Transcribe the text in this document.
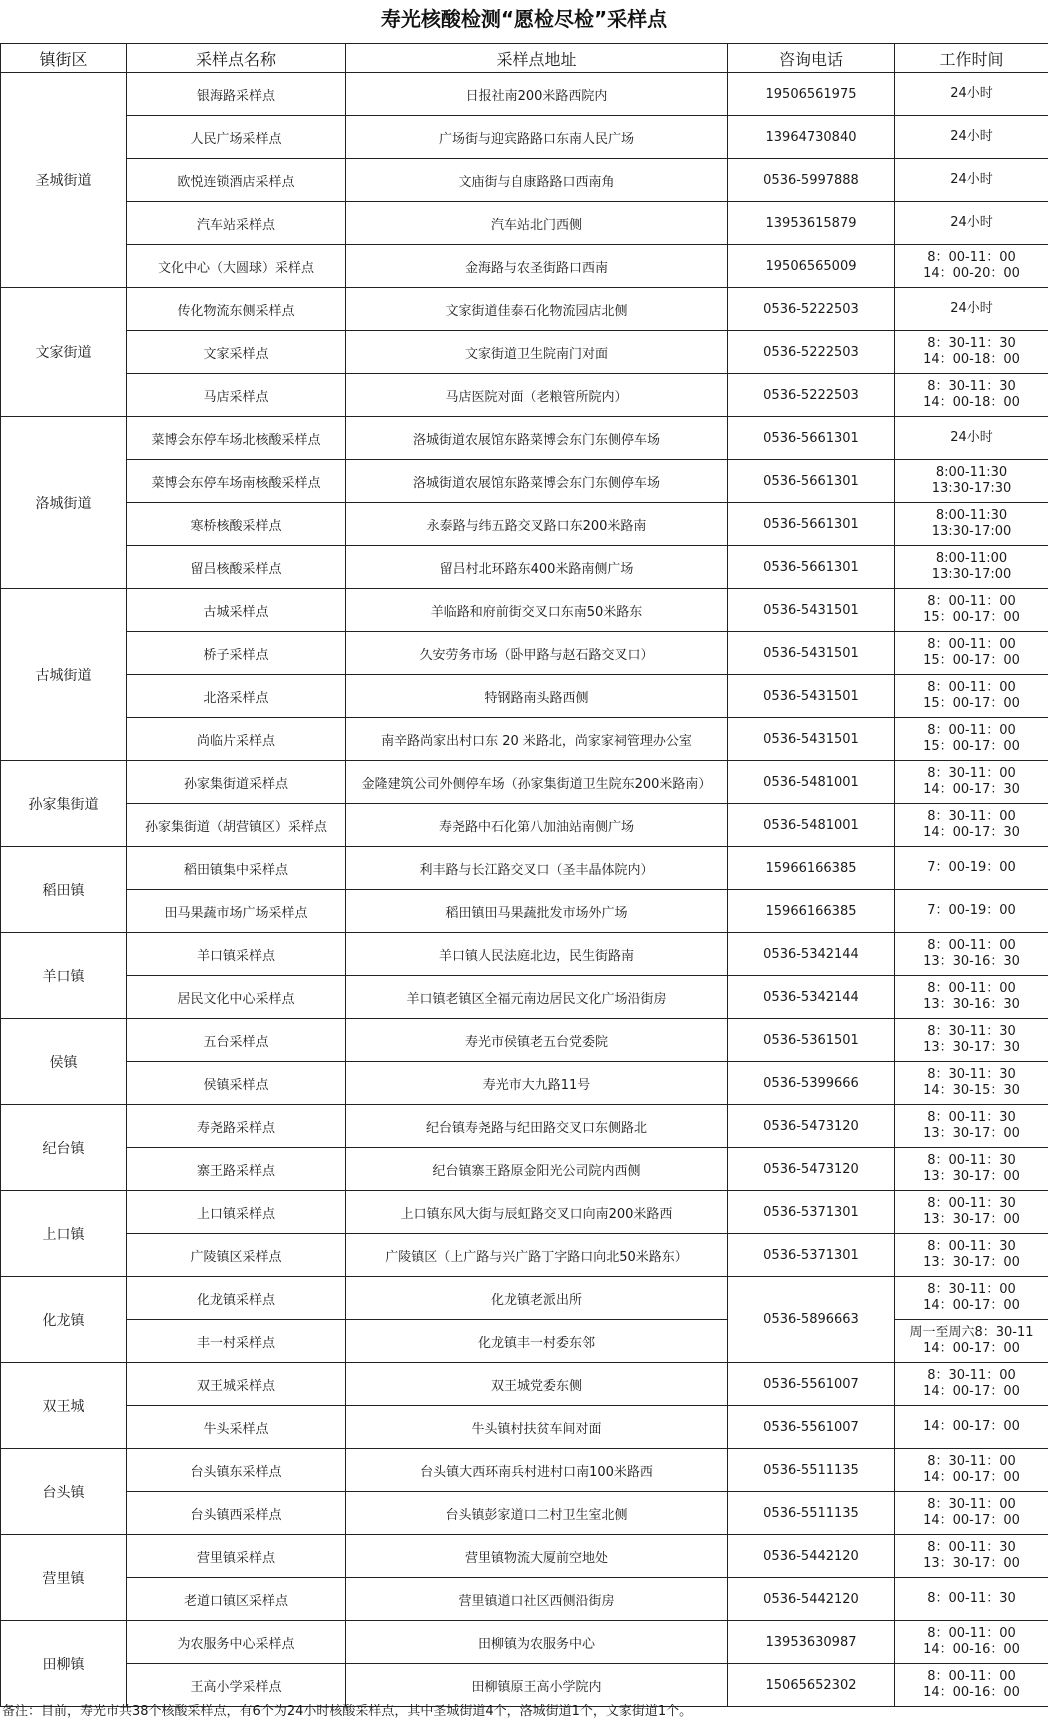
寿光核酸检测“愿检尽检”采样点
镇街区	采样点名称	采样点地址	咨询电话	工作时间
圣城街道	银海路采样点	日报社南200米路西院内	19506561975	24小时
	人民广场采样点	广场街与迎宾路路口东南人民广场	13964730840	24小时
	欧悦连锁酒店采样点	文庙街与自康路路口西南角	0536-5997888	24小时
	汽车站采样点	汽车站北门西侧	13953615879	24小时
	文化中心（大圆球）采样点	金海路与农圣街路口西南	19506565009	8：00-11：00
14：00-20：00
文家街道	传化物流东侧采样点	文家街道佳泰石化物流园店北侧	0536-5222503	24小时
	文家采样点	文家街道卫生院南门对面	0536-5222503	8：30-11：30
14：00-18：00
	马店采样点	马店医院对面（老粮管所院内）	0536-5222503	8：30-11：30
14：00-18：00
洛城街道	菜博会东停车场北核酸采样点	洛城街道农展馆东路菜博会东门东侧停车场	0536-5661301	24小时
	菜博会东停车场南核酸采样点	洛城街道农展馆东路菜博会东门东侧停车场	0536-5661301	8:00-11:30
13:30-17:30
	寒桥核酸采样点	永泰路与纬五路交叉路口东200米路南	0536-5661301	8:00-11:30
13:30-17:00
	留吕核酸采样点	留吕村北环路东400米路南侧广场	0536-5661301	8:00-11:00
13:30-17:00
古城街道	古城采样点	羊临路和府前街交叉口东南50米路东	0536-5431501	8：00-11：00
15：00-17：00
	桥子采样点	久安劳务市场（卧甲路与赵石路交叉口）	0536-5431501	8：00-11：00
15：00-17：00
	北洛采样点	特钢路南头路西侧	0536-5431501	8：00-11：00
15：00-17：00
	尚临片采样点	南辛路尚家出村口东 20 米路北，尚家家祠管理办公室	0536-5431501	8：00-11：00
15：00-17：00
孙家集街道	孙家集街道采样点	金隆建筑公司外侧停车场（孙家集街道卫生院东200米路南）	0536-5481001	8：30-11：00
14：00-17：30
	孙家集街道（胡营镇区）采样点	寿尧路中石化第八加油站南侧广场	0536-5481001	8：30-11：00
14：00-17：30
稻田镇	稻田镇集中采样点	利丰路与长江路交叉口（圣丰晶体院内）	15966166385	7：00-19：00
	田马果蔬市场广场采样点	稻田镇田马果蔬批发市场外广场	15966166385	7：00-19：00
羊口镇	羊口镇采样点	羊口镇人民法庭北边，民生街路南	0536-5342144	8：00-11：00
13：30-16：30
	居民文化中心采样点	羊口镇老镇区全福元南边居民文化广场沿街房	0536-5342144	8：00-11：00
13：30-16：30
侯镇	五台采样点	寿光市侯镇老五台党委院	0536-5361501	8：30-11：30
13：30-17：30
	侯镇采样点	寿光市大九路11号	0536-5399666	8：30-11：30
14：30-15：30
纪台镇	寿尧路采样点	纪台镇寿尧路与纪田路交叉口东侧路北	0536-5473120	8：00-11：30
13：30-17：00
	寨王路采样点	纪台镇寨王路原金阳光公司院内西侧	0536-5473120	8：00-11：30
13：30-17：00
上口镇	上口镇采样点	上口镇东风大街与辰虹路交叉口向南200米路西	0536-5371301	8：00-11：30
13：30-17：00
	广陵镇区采样点	广陵镇区（上广路与兴广路丁字路口向北50米路东）	0536-5371301	8：00-11：30
13：30-17：00
化龙镇	化龙镇采样点	化龙镇老派出所	0536-5896663	8：30-11：00
14：00-17：00
	丰一村采样点	化龙镇丰一村委东邻		周一至周六8：30-11
14：00-17：00
双王城	双王城采样点	双王城党委东侧	0536-5561007	8：30-11：00
14：00-17：00
	牛头采样点	牛头镇村扶贫车间对面	0536-5561007	14：00-17：00
台头镇	台头镇东采样点	台头镇大西环南兵村进村口南100米路西	0536-5511135	8：30-11：00
14：00-17：00
	台头镇西采样点	台头镇彭家道口二村卫生室北侧	0536-5511135	8：30-11：00
14：00-17：00
营里镇	营里镇采样点	营里镇物流大厦前空地处	0536-5442120	8：00-11：30
13：30-17：00
	老道口镇区采样点	营里镇道口社区西侧沿街房	0536-5442120	8：00-11：30
田柳镇	为农服务中心采样点	田柳镇为农服务中心	13953630987	8：00-11：00
14：00-16：00
	王高小学采样点	田柳镇原王高小学院内	15065652302	8：00-11：00
14：00-16：00
备注：目前，寿光市共38个核酸采样点，有6个为24小时核酸采样点，其中圣城街道4个，洛城街道1个，文家街道1个。
